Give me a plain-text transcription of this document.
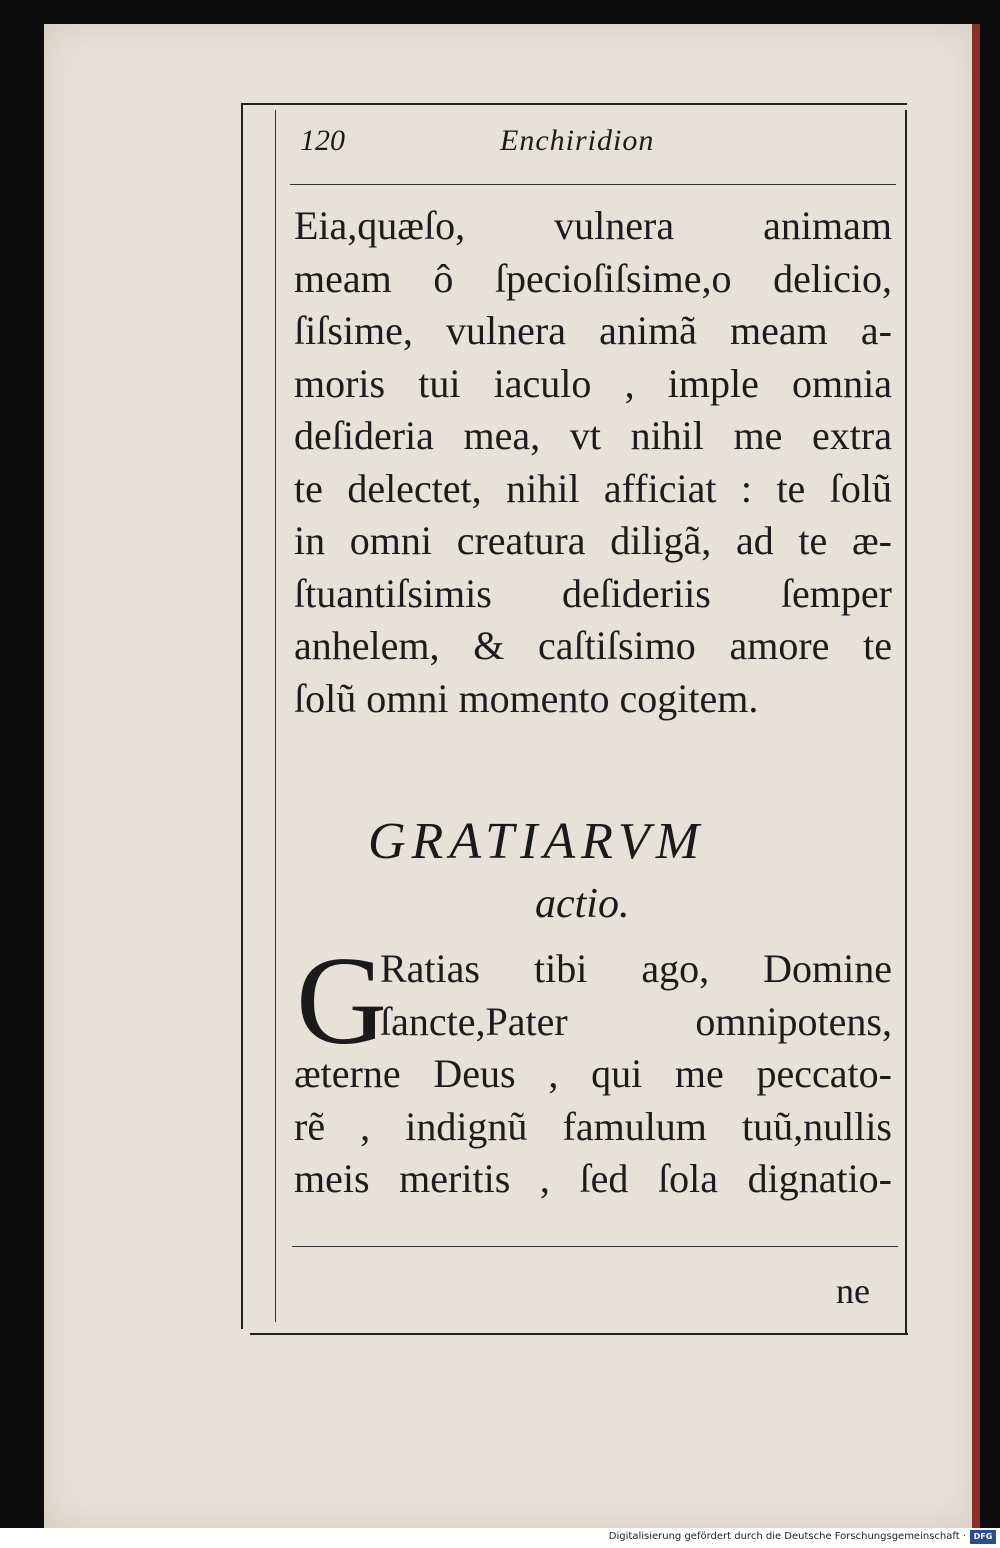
120	Enchiridion
Eia,quæſo, vulnera animam
meam ô ſpecioſiſsime,o delicio,
ſiſsime, vulnera animã meam a-
moris tui iaculo , imple omnia
deſideria mea, vt nihil me extra
te delectet, nihil afficiat : te ſolũ
in omni creatura diligã, ad te æ-
ſtuantiſsimis deſideriis ſemper
anhelem, & caſtiſsimo amore te
ſolũ omni momento cogitem.
GRATIARVM
actio.
G
Ratias tibi ago, Domine
ſancte,Pater omnipotens,
æterne Deus , qui me peccato-
rẽ , indignũ famulum tuũ,nullis
meis meritis , ſed ſola dignatio-
ne
Digitalisierung gefördert durch die Deutsche Forschungsgemeinschaft · DFG
